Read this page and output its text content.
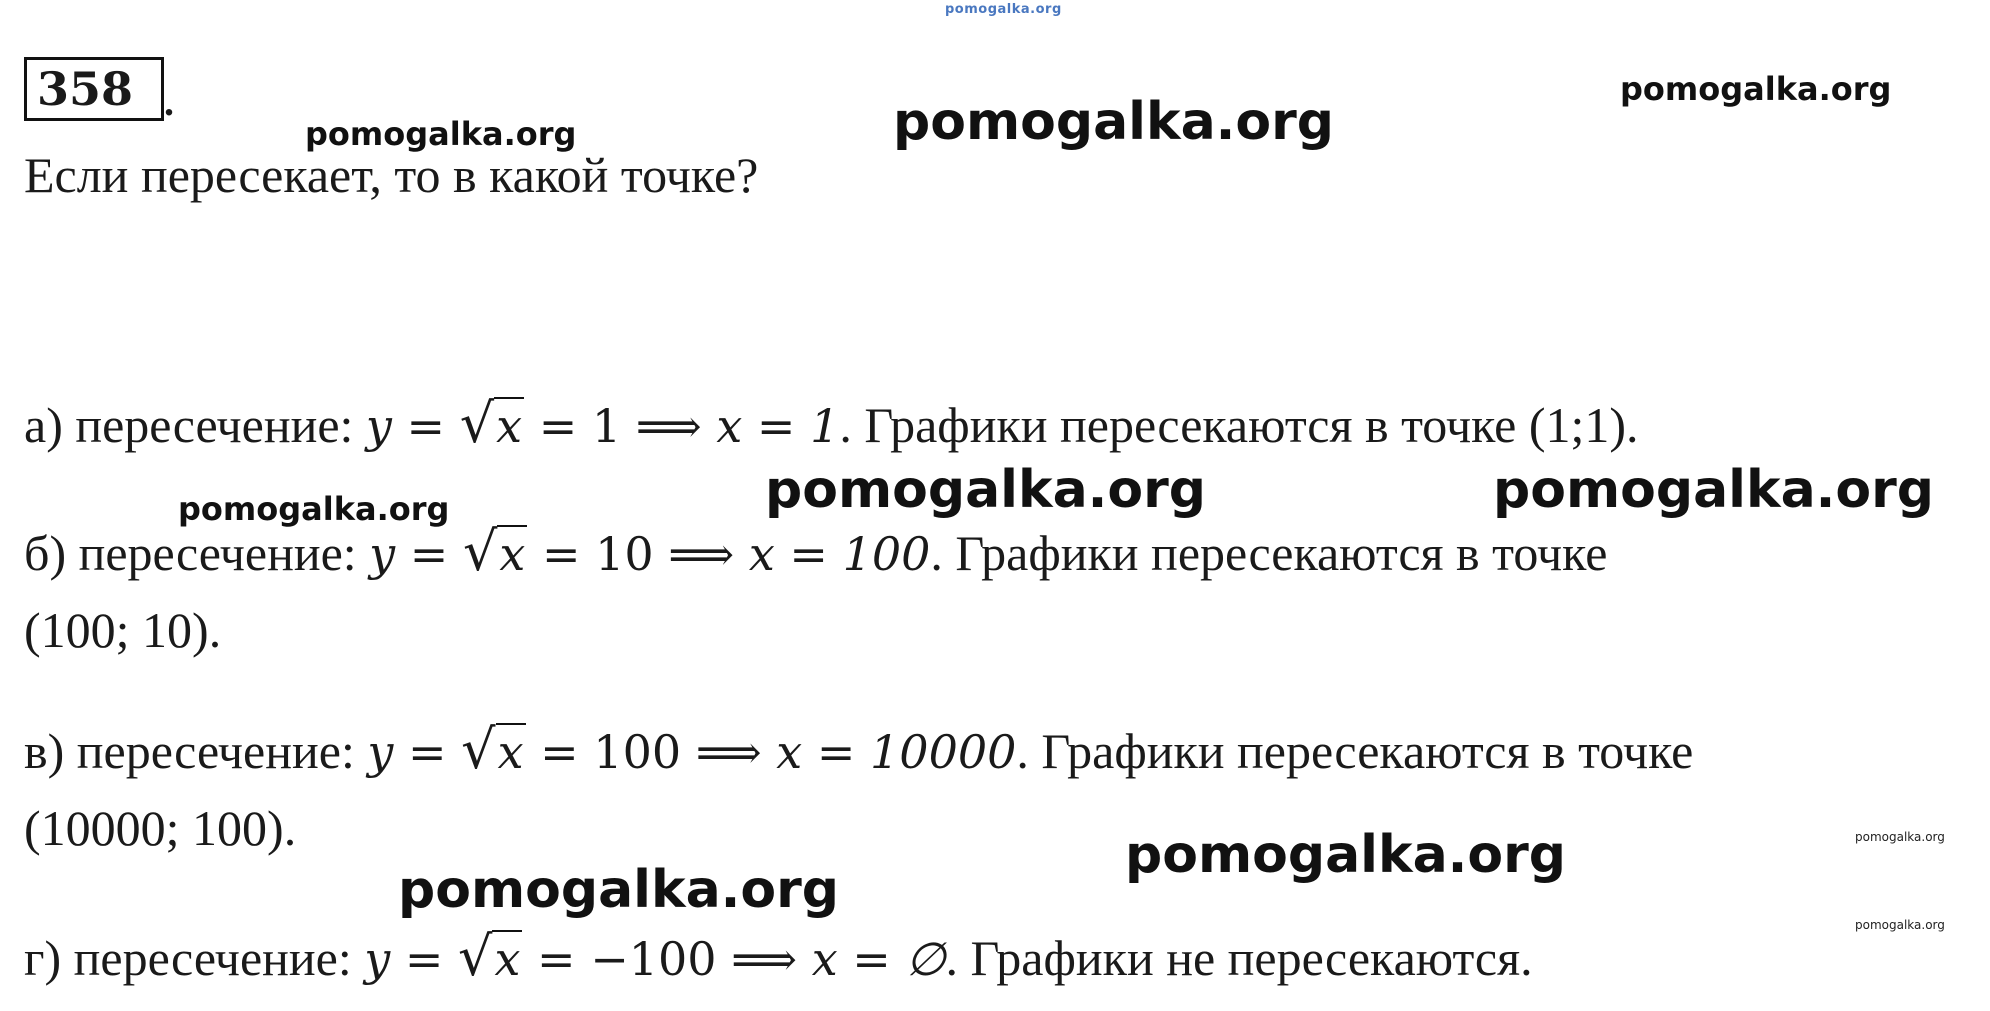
pomogalka.org
pomogalka.org
pomogalka.org	pomogalka.org
pomogalka.org	pomogalka.org
pomogalka.org
pomogalka.org
pomogalka.org
pomogalka.org
pomogalka.org
358 .
Если пересекает, то в какой точке?
а) пересечение: y = √x = 1 ⟹ x = 1. Графики пересекаются в точке (1;1).
б) пересечение: y = √x = 10 ⟹ x = 100. Графики пересекаются в точке
(100; 10).
в) пересечение: y = √x = 100 ⟹ x = 10000. Графики пересекаются в точке
(10000; 100).
г) пересечение: y = √x = −100 ⟹ x = ∅. Графики не пересекаются.
